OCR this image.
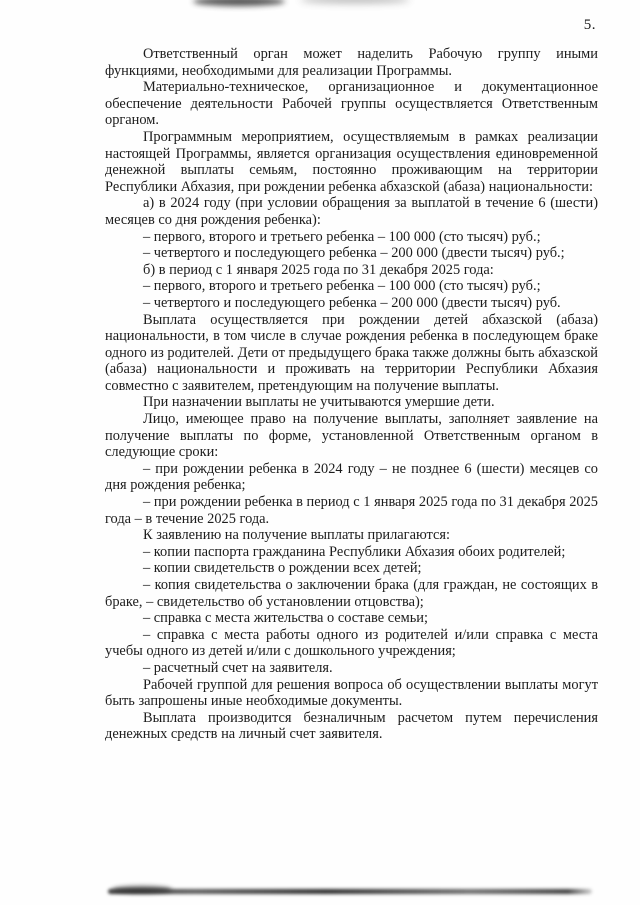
5.

Ответственный орган может наделить Рабочую группу иными функциями, необходимыми для реализации Программы.

Материально-техническое, организационное и документационное обеспечение деятельности Рабочей группы осуществляется Ответственным органом.

Программным мероприятием, осуществляемым в рамках реализации настоящей Программы, является организация осуществления единовременной денежной выплаты семьям, постоянно проживающим на территории Республики Абхазия, при рождении ребенка абхазской (абаза) национальности:

а) в 2024 году (при условии обращения за выплатой в течение 6 (шести) месяцев со дня рождения ребенка):

– первого, второго и третьего ребенка – 100 000 (сто тысяч) руб.;

– четвертого и последующего ребенка – 200 000 (двести тысяч) руб.;

б) в период с 1 января 2025 года по 31 декабря 2025 года:

– первого, второго и третьего ребенка – 100 000 (сто тысяч) руб.;

– четвертого и последующего ребенка – 200 000 (двести тысяч) руб.

Выплата осуществляется при рождении детей абхазской (абаза) национальности, в том числе в случае рождения ребенка в последующем браке одного из родителей. Дети от предыдущего брака также должны быть абхазской (абаза) национальности и проживать на территории Республики Абхазия совместно с заявителем, претендующим на получение выплаты.

При назначении выплаты не учитываются умершие дети.

Лицо, имеющее право на получение выплаты, заполняет заявление на получение выплаты по форме, установленной Ответственным органом в следующие сроки:

– при рождении ребенка в 2024 году – не позднее 6 (шести) месяцев со дня рождения ребенка;

– при рождении ребенка в период с 1 января 2025 года по 31 декабря 2025 года – в течение 2025 года.

К заявлению на получение выплаты прилагаются:

– копии паспорта гражданина Республики Абхазия обоих родителей;

– копии свидетельств о рождении всех детей;

– копия свидетельства о заключении брака (для граждан, не состоящих в браке, – свидетельство об установлении отцовства);

– справка с места жительства о составе семьи;

– справка с места работы одного из родителей и/или справка с места учебы одного из детей и/или с дошкольного учреждения;

– расчетный счет на заявителя.

Рабочей группой для решения вопроса об осуществлении выплаты могут быть запрошены иные необходимые документы.

Выплата производится безналичным расчетом путем перечисления денежных средств на личный счет заявителя.
